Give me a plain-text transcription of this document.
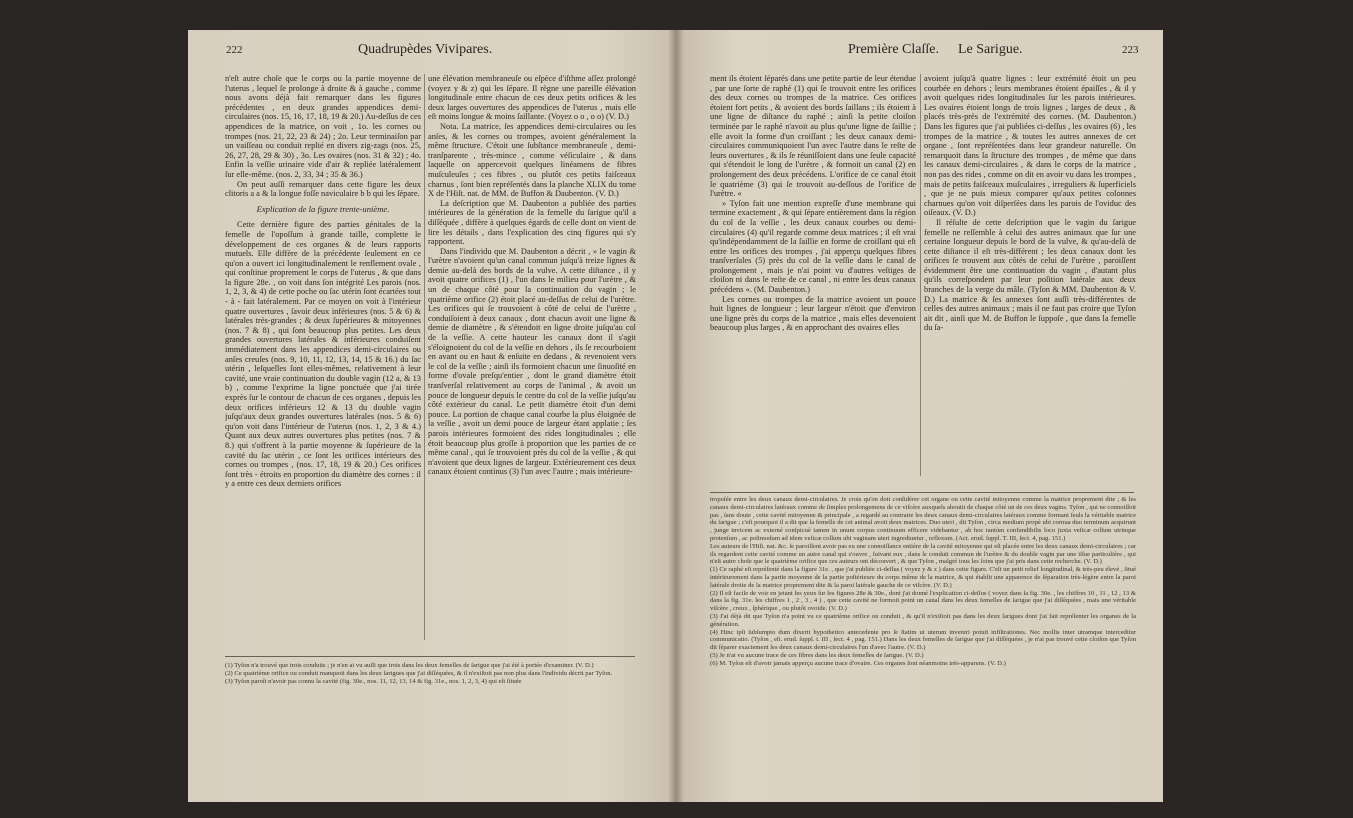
222	Quadrupèdes Vivipares.	Première Claſſe. Le Sarigue.	223

n'eſt autre choſe que le corps ou la partie moyenne de l'uterus , lequel ſe prolonge à droite & à gauche , comme nous avons déjà fait remarquer dans les figures précédentes , en deux grandes appendices demi-circulaires (nos. 15, 16, 17, 18, 19 & 20.) Au-deſſus de ces appendices de la matrice, on voit , 1o. les cornes ou trompes (nos. 21, 22, 23 & 24) ; 2o. Leur terminaiſon par un vaiſſeau ou conduit replié en divers zig-zags (nos. 25, 26, 27, 28, 29 & 30) , 3o. Les ovaires (nos. 31 & 32) ; 4o. Enfin la veſſie urinaire vide d'air & repliée latéralement ſur elle-même. (nos. 2, 33, 34 ; 35 & 36.)

On peut auſſi remarquer dans cette figure les deux clitoris a a & la longue foſſe naviculaire b b qui les ſépare.

Explication de la figure trente-unième.

Cette dernière figure des parties génitales de la femelle de l'opoſſum à grande taille, complette le développement de ces organes & de leurs rapports mutuels. Elle diffère de la précédente ſeulement en ce qu'on a ouvert ici longitudinalement le renflement ovale , qui conſtitue proprement le corps de l'uterus , & que dans la figure 28e. , on voit dans ſon intégrité Les parois (nos. 1, 2, 3, & 4) de cette poche ou ſac utérin ſont écartées tout - à - fait latéralement. Par ce moyen on voit à l'intérieur quatre ouvertures , ſavoir deux inférieures (nos. 5 & 6) & latérales très-grandes ; & deux ſupérieures & mitoyennes (nos. 7 & 8) , qui ſont beaucoup plus petites. Les deux grandes ouvertures latérales & inférieures conduiſent immédiatement dans les appendices demi-circulaires ou anſes creuſes (nos. 9, 10, 11, 12, 13, 14, 15 & 16.) du ſac utérin , leſquelles ſont elles-mêmes, relativement à leur cavité, une vraie continuation du double vagin (12 a, & 13 b) , comme l'exprime la ligne ponctuée que j'ai tirée exprès ſur le contour de chacun de ces organes , depuis les deux orifices inférieurs 12 & 13 du double vagin juſqu'aux deux grandes ouvertures latérales (nos. 5 & 6) qu'on voit dans l'intérieur de l'uterus (nos. 1, 2, 3 & 4.) Quant aux deux autres ouvertures plus petites (nos. 7 & 8.) qui s'offrent à la partie moyenne & ſupérieure de la cavité du ſac utérin , ce ſont les orifices intérieurs des cornes ou trompes , (nos. 17, 18, 19 & 20.) Ces orifices ſont très - étroits en proportion du diamètre des cornes : il y a entre ces deux derniers orifices

une élévation membraneuſe ou eſpèce d'iſthme aſſez prolongé (voyez y & z) qui les ſépare. Il règne une pareille élévation longitudinale entre chacun de ces deux petits orifices & les deux larges ouvertures des appendices de l'uterus , mais elle eſt moins longue & moins ſaillante. (Voyez o o , o o) (V. D.)

Nota. La matrice, ſes appendices demi-circulaires ou ſes anſes, & les cornes ou trompes, avoient généralement la même ſtructure. C'étoit une ſubſtance membraneuſe , demi-tranſparente , très-mince , comme véſiculaire , & dans laquelle on appercevoit quelques linéamens de fibres muſculeuſes ; ces fibres , ou plutôt ces petits faiſceaux charnus , ſont bien repréſentés dans la planche XLIX du tome X de l'Hiſt. nat. de MM. de Buffon & Daubenton. (V. D.)

La deſcription que M. Daubenton a publiée des parties intérieures de la génération de la femelle du ſarigue qu'il a diſſéquée , diffère à quelques égards de celle dont on vient de lire les détails , dans l'explication des cinq figures qui s'y rapportent.

Dans l'individu que M. Daubenton a décrit , » le vagin & l'urètre n'avoient qu'un canal commun juſqu'à treize lignes & demie au-delà des bords de la vulve. A cette diſtance , il y avoit quatre orifices (1) , l'un dans le milieu pour l'urètre , & un de chaque côté pour la continuation du vagin ; le quatrième orifice (2) étoit placé au-deſſus de celui de l'urètre. Les orifices qui ſe trouvoient à côté de celui de l'urètre , conduiſoient à deux canaux , dont chacun avoit une ligne & demie de diamètre , & s'étendoit en ligne droite juſqu'au col de la veſſie. A cette hauteur les canaux dont il s'agit s'éloignoient du col de la veſſie en dehors , ils ſe recourboient en avant ou en haut & enſuite en dedans , & revenoient vers le col de la veſſie ; ainſi ils formoient chacun une ſinuoſité en forme d'ovale preſqu'entier , dont le grand diamètre étoit tranſverſal relativement au corps de l'animal , & avoit un pouce de longueur depuis le centre du col de la veſſie juſqu'au côté extérieur du canal. Le petit diamètre étoit d'un demi pouce. La portion de chaque canal courbe la plus éloignée de la veſſie , avoit un demi pouce de largeur étant applatie ; ſes parois intérieures formoient des rides longitudinales ; elle étoit beaucoup plus groſſe à proportion que les parties de ce même canal , qui ſe trouvoient près du col de la veſſie , & qui n'avoient que deux lignes de largeur. Extérieurement ces deux canaux étoient continus (3) l'un avec l'autre ; mais intérieure-

(1) Tyſon n'a trouvé que trois conduits ; je n'en ai vu auſſi que trois dans les deux femelles de ſarigue que j'ai été à portée d'examiner. (V. D.)

(2) Ce quatrième orifice ou conduit manquoit dans les deux ſarigues que j'ai diſſéquées, & il n'exiſtoit pas non plus dans l'individu décrit par Tyſon.

(3) Tyſon paroît n'avoir pas connu la cavité (fig. 30e., nos. 11, 12, 13, 14 & fig. 31e., nos. 1, 2, 3, 4) qui eſt ſituée

ment ils étoient ſéparés dans une petite partie de leur étendue , par une ſorte de raphé (1) qui ſe trouvoit entre les orifices des deux cornes ou trompes de la matrice. Ces orifices étoient fort petits , & avoient des bords ſaillans ; ils étoient à une ligne de diſtance du raphé ; ainſi la petite cloiſon terminée par le raphé n'avoit au plus qu'une ligne de ſaillie ; elle avoit la forme d'un croiſſant ; les deux canaux demi-circulaires communiquoient l'un avec l'autre dans le reſte de leurs ouvertures , & ils ſe réuniſſoient dans une ſeule capacité qui s'étendoit le long de l'urètre , & formoit un canal (2) en prolongement des deux précédens. L'orifice de ce canal étoit le quatrième (3) qui ſe trouvoit au-deſſous de l'orifice de l'urètre. «

» Tyſon fait une mention expreſſe d'une membrane qui termine exactement , & qui ſépare entièrement dans la région du col de la veſſie , les deux canaux courbes ou demi-circulaires (4) qu'il regarde comme deux matrices ; il eſt vrai qu'indépendamment de la ſaillie en forme de croiſſant qui eſt entre les orifices des trompes , j'ai apperçu quelques fibres tranſverſales (5) près du col de la veſſie dans le canal de prolongement , mais je n'ai point vu d'autres veſtiges de cloiſon ni dans le reſte de ce canal , ni entre les deux canaux précédens «. (M. Daubenton.)

Les cornes ou trompes de la matrice avoient un pouce huit lignes de longueur ; leur largeur n'étoit que d'environ une ligne près du corps de la matrice , mais elles devenoient beaucoup plus larges , & en approchant des ovaires elles

avoient juſqu'à quatre lignes : leur extrémité étoit un peu courbée en dehors ; leurs membranes étoient épaiſſes , & il y avoit quelques rides longitudinales ſur les parois intérieures. Les ovaires étoient longs de trois lignes , larges de deux , & placés très-près de l'extrémité des cornes. (M. Daubenton.) Dans les figures que j'ai publiées ci-deſſus , les ovaires (6) , les trompes de la matrice , & toutes les autres annexes de cet organe , ſont repréſentées dans leur grandeur naturelle. On remarquoit dans la ſtructure des trompes , de même que dans les canaux demi-circulaires , & dans le corps de la matrice , non pas des rides , comme on dit en avoir vu dans les trompes , mais de petits faiſceaux muſculaires , irreguliers & ſuperficiels , que je ne puis mieux comparer qu'aux petites colonnes charnues qu'on voit diſperſées dans les parois de l'oviduc des oiſeaux. (V. D.)

Il réſulte de cette deſcription que le vagin du ſarigue femelle ne reſſemble à celui des autres animaux que ſur une certaine longueur depuis le bord de la vulve, & qu'au-delà de cette diſtance il eſt très-différent ; les deux canaux dont les orifices ſe trouvent aux côtés de celui de l'urètre , paroiſſent évidemment être une continuation du vagin , d'autant plus qu'ils correſpondent par leur poſition latérale aux deux branches de la verge du mâle. (Tyſon & MM. Daubenton & V. D.) La matrice & ſes annexes ſont auſſi très-différentes de celles des autres animaux ; mais il ne faut pas croire que Tyſon ait dit , ainſi que M. de Buffon le ſuppoſe , que dans la femelle du ſa-

tropoſée entre les deux canaux demi-circulaires. Je crois qu'on doit conſidérer cet organe ou cette cavité mitoyenne comme la matrice proprement dite ; & les canaux demi-circulaires latéraux comme de ſimples prolongemens de ce viſcère auxquels aboutit de chaque côté un de ces deux vagins. Tyſon , qui ne connoiſſoit pas , ſans doute , cette cavité mitoyenne & principale , a regardé au contraire les deux canaux demi-circulaires latéraux comme formant ſeuls la véritable matrice du ſarigue ; c'eſt pourquoi il a dit que la femelle de cet animal avoit deux matrices. Duo uteri , dit Tyſon , circa medium propè ubi cornua duo terminum acquirunt , junge invicem ac externè conſpicuè tamen in unum corpus continuum efficere videbantur , ab hoc tantùm confundibilis loco juxta veſicæ collum utrinque protenſum , ac poſtmodum ad idem veſicæ collum ubi vaginam uteri ingrediuntur , reflexum. (Act. erud. ſuppl. T. III, ſect. 4, pag. 151.)

Les auteurs de l'Hiſt. nat. &c. ſe paroiſſent avoir pas eu une connoiſſance entière de la cavité mitoyenne qui eſt placée entre les deux canaux demi-circulaires ; car ils regardent cette cavité comme un autre canal qui s'ouvre , ſuivant eux , dans le conduit commun de l'urètre & du double vagin par une iſſue particulière , qui n'eſt autre choſe que le quatrième orifice que ces auteurs ont découvert , & que Tyſon , malgré tous les ſoins que j'ai pris dans cette recherche. (V. D.)

(1) Ce raphé eſt repréſenté dans la figure 31e. , que j'ai publiée ci-deſſus ( voyez y & z ) dans cette figure. C'eſt un petit relief longitudinal, & très-peu élevé , ſitué intérieurement dans la partie moyenne de la partie poſtérieure du corps même de la matrice, & qui établit une apparence de ſéparation très-légère entre la paroi latérale droite de la matrice proprement dite & la paroi latérale gauche de ce viſcère. (V. D.)

(2) Il eſt facile de voir en jetant les yeux ſur les figures 28e & 30e., dont j'ai donné l'explication ci-deſſus ( voyez dans la fig. 30e. , les chiffres 10 , 11 , 12 , 13 & dans la fig. 31e. les chiffres 1 , 2 , 3 , 4 ) , que cette cavité ne formoit point un canal dans les deux femelles de ſarigue que j'ai diſſéquées , mais une véritable viſcère , creux , ſphérique , ou plutôt ovoïde. (V. D.)

(3) J'ai déjà dit que Tyſon n'a point vu ce quatrième orifice ou conduit , & qu'il n'exiſtoit pas dans les deux ſarigues dont j'ai fait repréſenter les organes de la génération.

(4) Hinc ipſi ſubſumpto dum dixerit hypothetico antecedente pro ſe ſtatim ut uterum inveniri potuit infiltrationes. Nec mollis inter utramque interceditur communicatio. (Tyſon , eſt. erud. ſuppl. t. III , ſect. 4 , pag. 151.) Dans les deux femelles de ſarigue que j'ai diſſéquées , je n'ai pas trouvé cette cloiſon que Tyſon dit ſéparer exactement les deux canaux demi-circulaires l'un d'avec l'autre. (V. D.)

(5) Je n'ai vu aucune trace de ces fibres dans les deux femelles de ſarigue. (V. D.)

(6) M. Tyſon eſt d'avoir jamais apperçu aucune trace d'ovaire. Ces organes ſont néanmoins très-apparens. (V. D.)
